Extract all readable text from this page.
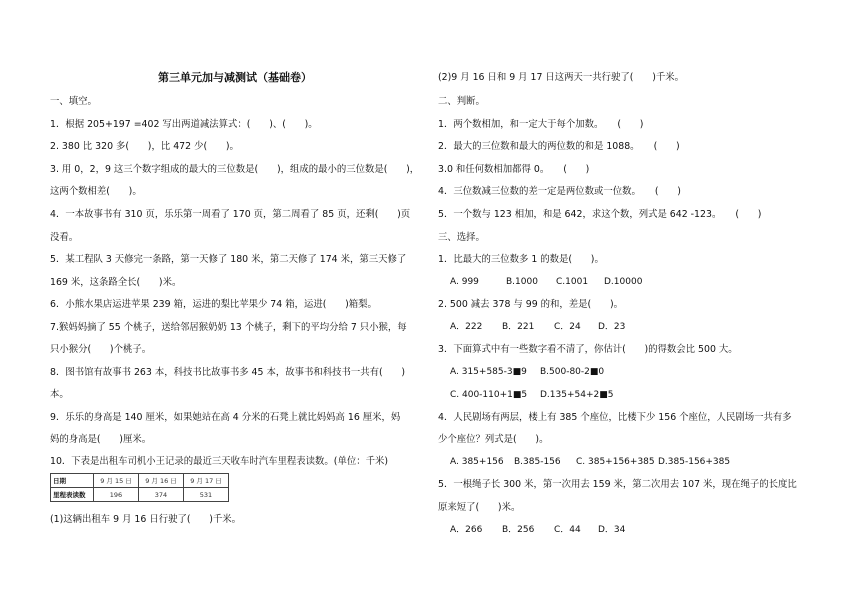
第三单元加与减测试（基础卷）
一、填空。
1．根据 205+197 =402 写出两道减法算式：(　　)、(　　)。
2. 380 比 320 多(　　)，比 472 少(　　)。
3. 用 0，2，9 这三个数字组成的最大的三位数是(　　)，组成的最小的三位数是(　　)，
这两个数相差(　　)。
4．一本故事书有 310 页，乐乐第一周看了 170 页，第二周看了 85 页，还剩(　　)页
没看。
5．某工程队 3 天修完一条路，第一天修了 180 米，第二天修了 174 米，第三天修了
169 米，这条路全长(　　)米。
6．小熊水果店运进苹果 239 箱，运进的梨比苹果少 74 箱，运进(　　)箱梨。
7.猴妈妈摘了 55 个桃子，送给邻居猴奶奶 13 个桃子，剩下的平均分给 7 只小猴，每
只小猴分(　　)个桃子。
8．图书馆有故事书 263 本，科技书比故事书多 45 本，故事书和科技书一共有(　　)
本。
9．乐乐的身高是 140 厘米，如果她站在高 4 分米的石凳上就比妈妈高 16 厘米，妈
妈的身高是(　　)厘米。
10．下表是出租车司机小王记录的最近三天收车时汽车里程表读数。(单位：千米)
日期	9 月 15 日	9 月 16 日	9 月 17 日
里程表读数	196	374	531
(1)这辆出租车 9 月 16 日行驶了(　　)千米。
(2)9 月 16 日和 9 月 17 日这两天一共行驶了(　　)千米。
二、判断。
1．两个数相加，和一定大于每个加数。　　(　　)
2．最大的三位数和最大的两位数的和是 1088。　　(　　)
3.0 和任何数相加都得 0。　　(　　)
4．三位数减三位数的差一定是两位数或一位数。　　(　　)
5．一个数与 123 相加，和是 642，求这个数，列式是 642 -123。　　(　　)
三、选择。
1．比最大的三位数多 1 的数是(　　)。
A. 999	B.1000 C.1001 D.10000
2. 500 减去 378 与 99 的和，差是(　　)。
A．222 B．221 C．24 D．23
3．下面算式中有一些数字看不清了，你估计(　　)的得数会比 500 大。
A. 315+585-3■9 B.500-80-2■0
C. 400-110+1■5 D.135+54+2■5
4．人民剧场有两层，楼上有 385 个座位，比楼下少 156 个座位，人民剧场一共有多
少个座位？列式是(　　)。
A. 385+156 B.385-156 C. 385+156+385 D.385-156+385
5．一根绳子长 300 米，第一次用去 159 米，第二次用去 107 米，现在绳子的长度比
原来短了(　　)米。
A．266 B．256 C．44 D．34
